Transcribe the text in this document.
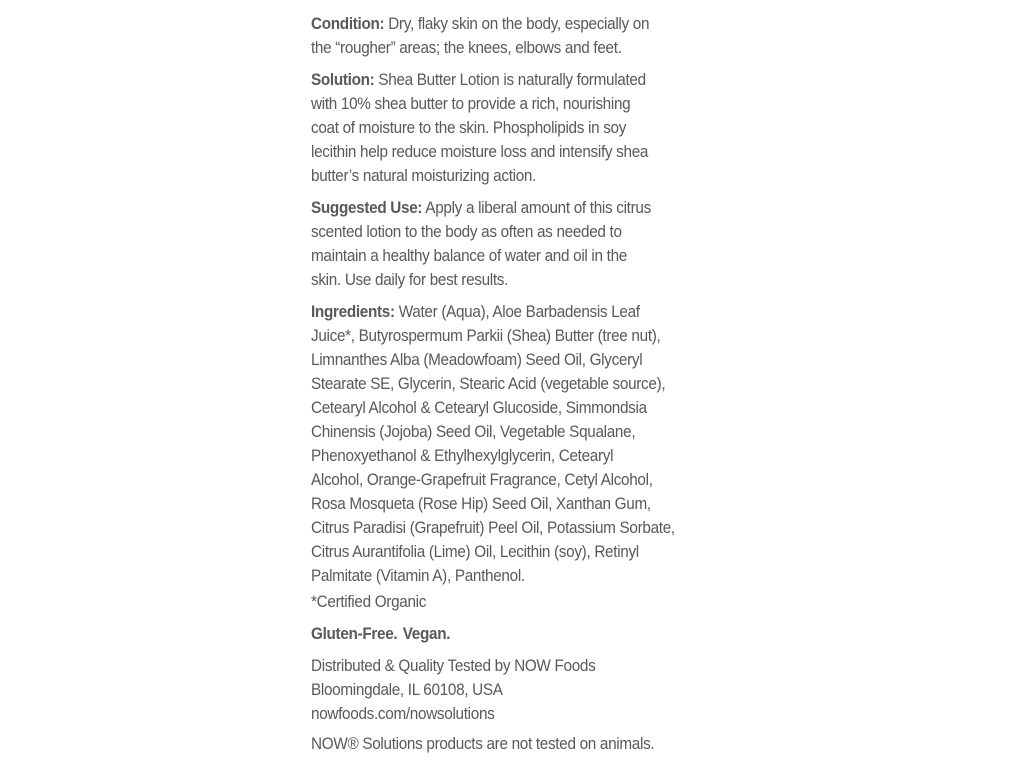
Condition: Dry, flaky skin on the body, especially on
the “rougher” areas; the knees, elbows and feet.

Solution: Shea Butter Lotion is naturally formulated
with 10% shea butter to provide a rich, nourishing
coat of moisture to the skin. Phospholipids in soy
lecithin help reduce moisture loss and intensify shea
butter’s natural moisturizing action.

Suggested Use: Apply a liberal amount of this citrus
scented lotion to the body as often as needed to
maintain a healthy balance of water and oil in the
skin. Use daily for best results.

Ingredients: Water (Aqua), Aloe Barbadensis Leaf
Juice*, Butyrospermum Parkii (Shea) Butter (tree nut),
Limnanthes Alba (Meadowfoam) Seed Oil, Glyceryl
Stearate SE, Glycerin, Stearic Acid (vegetable source),
Cetearyl Alcohol & Cetearyl Glucoside, Simmondsia
Chinensis (Jojoba) Seed Oil, Vegetable Squalane,
Phenoxyethanol & Ethylhexylglycerin, Cetearyl
Alcohol, Orange-Grapefruit Fragrance, Cetyl Alcohol,
Rosa Mosqueta (Rose Hip) Seed Oil, Xanthan Gum,
Citrus Paradisi (Grapefruit) Peel Oil, Potassium Sorbate,
Citrus Aurantifolia (Lime) Oil, Lecithin (soy), Retinyl
Palmitate (Vitamin A), Panthenol.

*Certified Organic

Gluten-Free. Vegan.

Distributed & Quality Tested by NOW Foods
Bloomingdale, IL 60108, USA
nowfoods.com/nowsolutions

NOW® Solutions products are not tested on animals.
